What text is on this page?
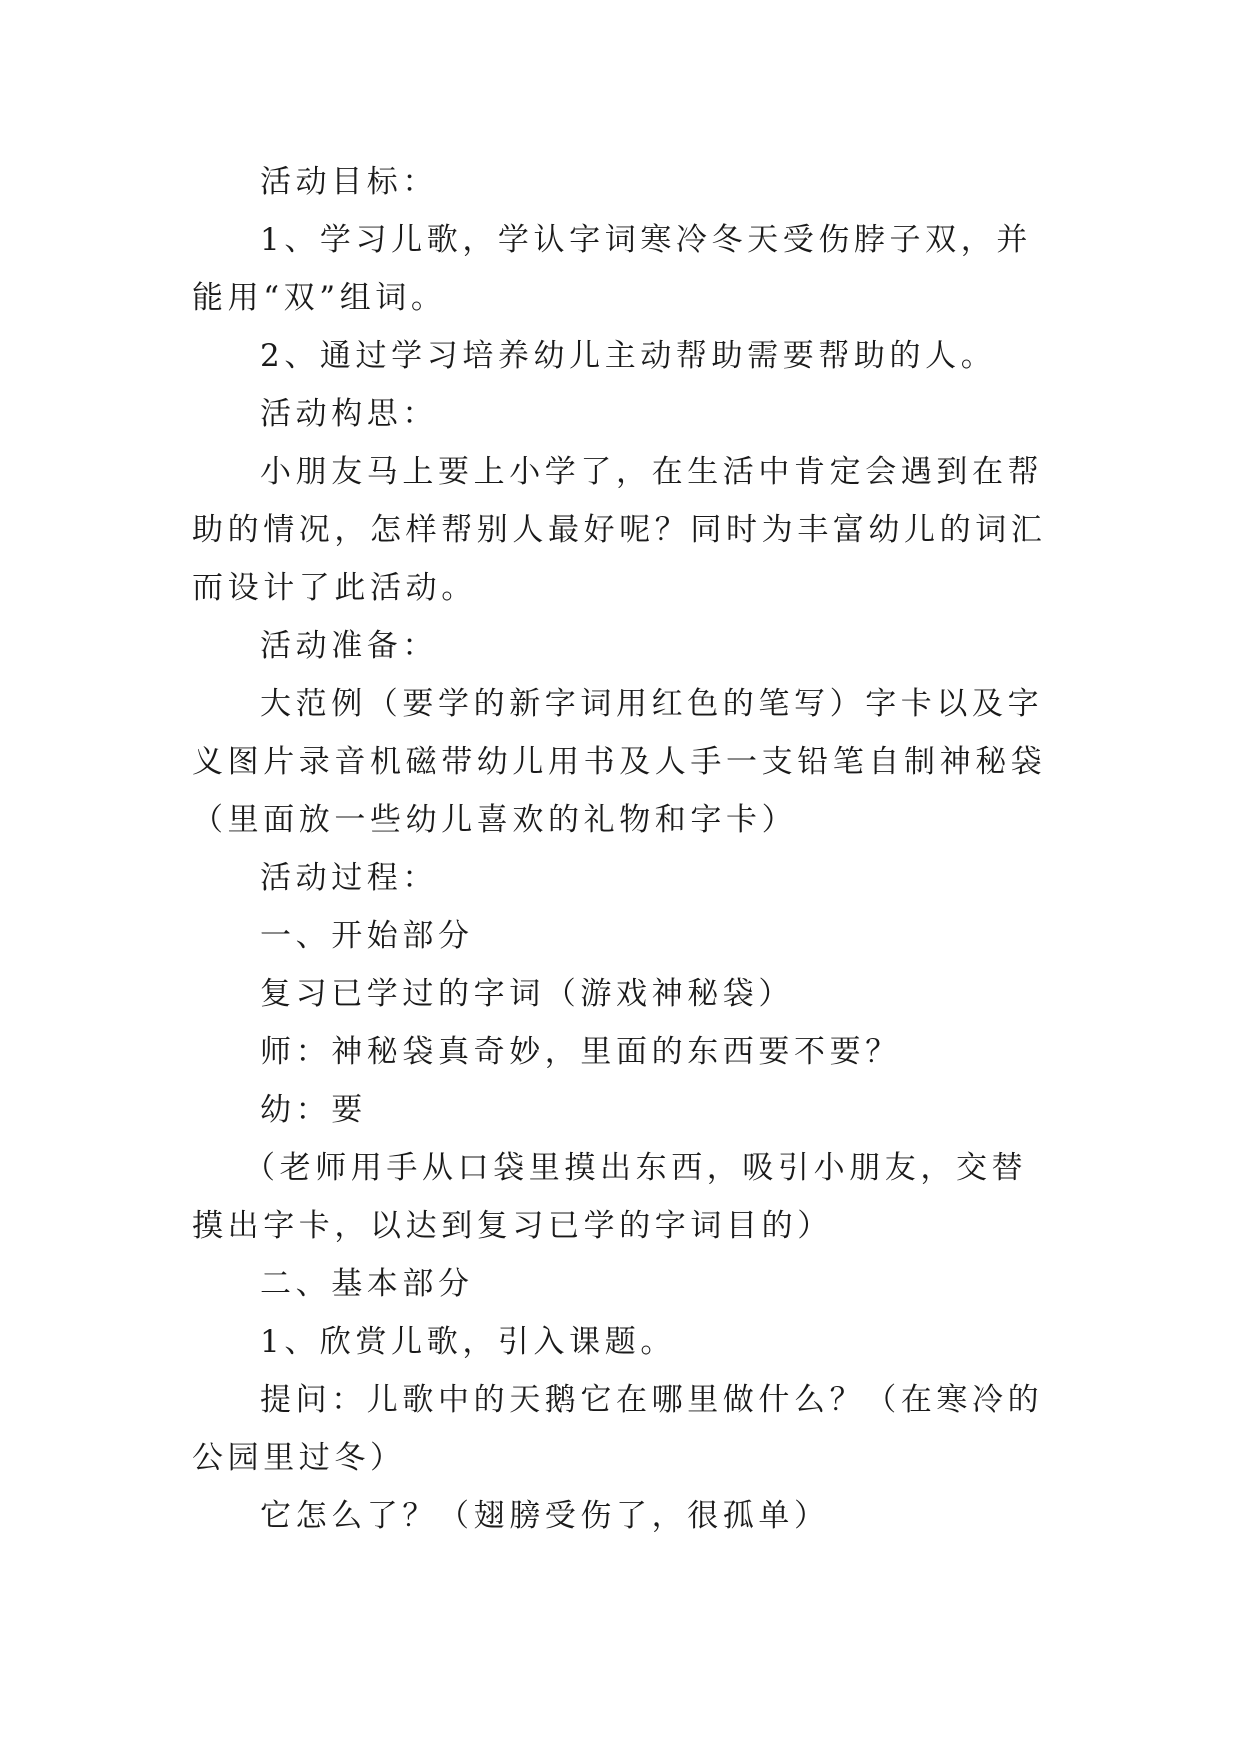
活动目标：

1、学习儿歌，学认字词寒冷冬天受伤脖子双，并能用“双”组词。

2、通过学习培养幼儿主动帮助需要帮助的人。

活动构思：

小朋友马上要上小学了，在生活中肯定会遇到在帮助的情况，怎样帮别人最好呢？同时为丰富幼儿的词汇而设计了此活动。

活动准备：

大范例（要学的新字词用红色的笔写）字卡以及字义图片录音机磁带幼儿用书及人手一支铅笔自制神秘袋（里面放一些幼儿喜欢的礼物和字卡）

活动过程：

一、开始部分

复习已学过的字词（游戏神秘袋）

师：神秘袋真奇妙，里面的东西要不要？

幼：要

（老师用手从口袋里摸出东西，吸引小朋友，交替摸出字卡，以达到复习已学的字词目的）

二、基本部分

1、欣赏儿歌，引入课题。

提问：儿歌中的天鹅它在哪里做什么？（在寒冷的公园里过冬）

它怎么了？（翅膀受伤了，很孤单）
